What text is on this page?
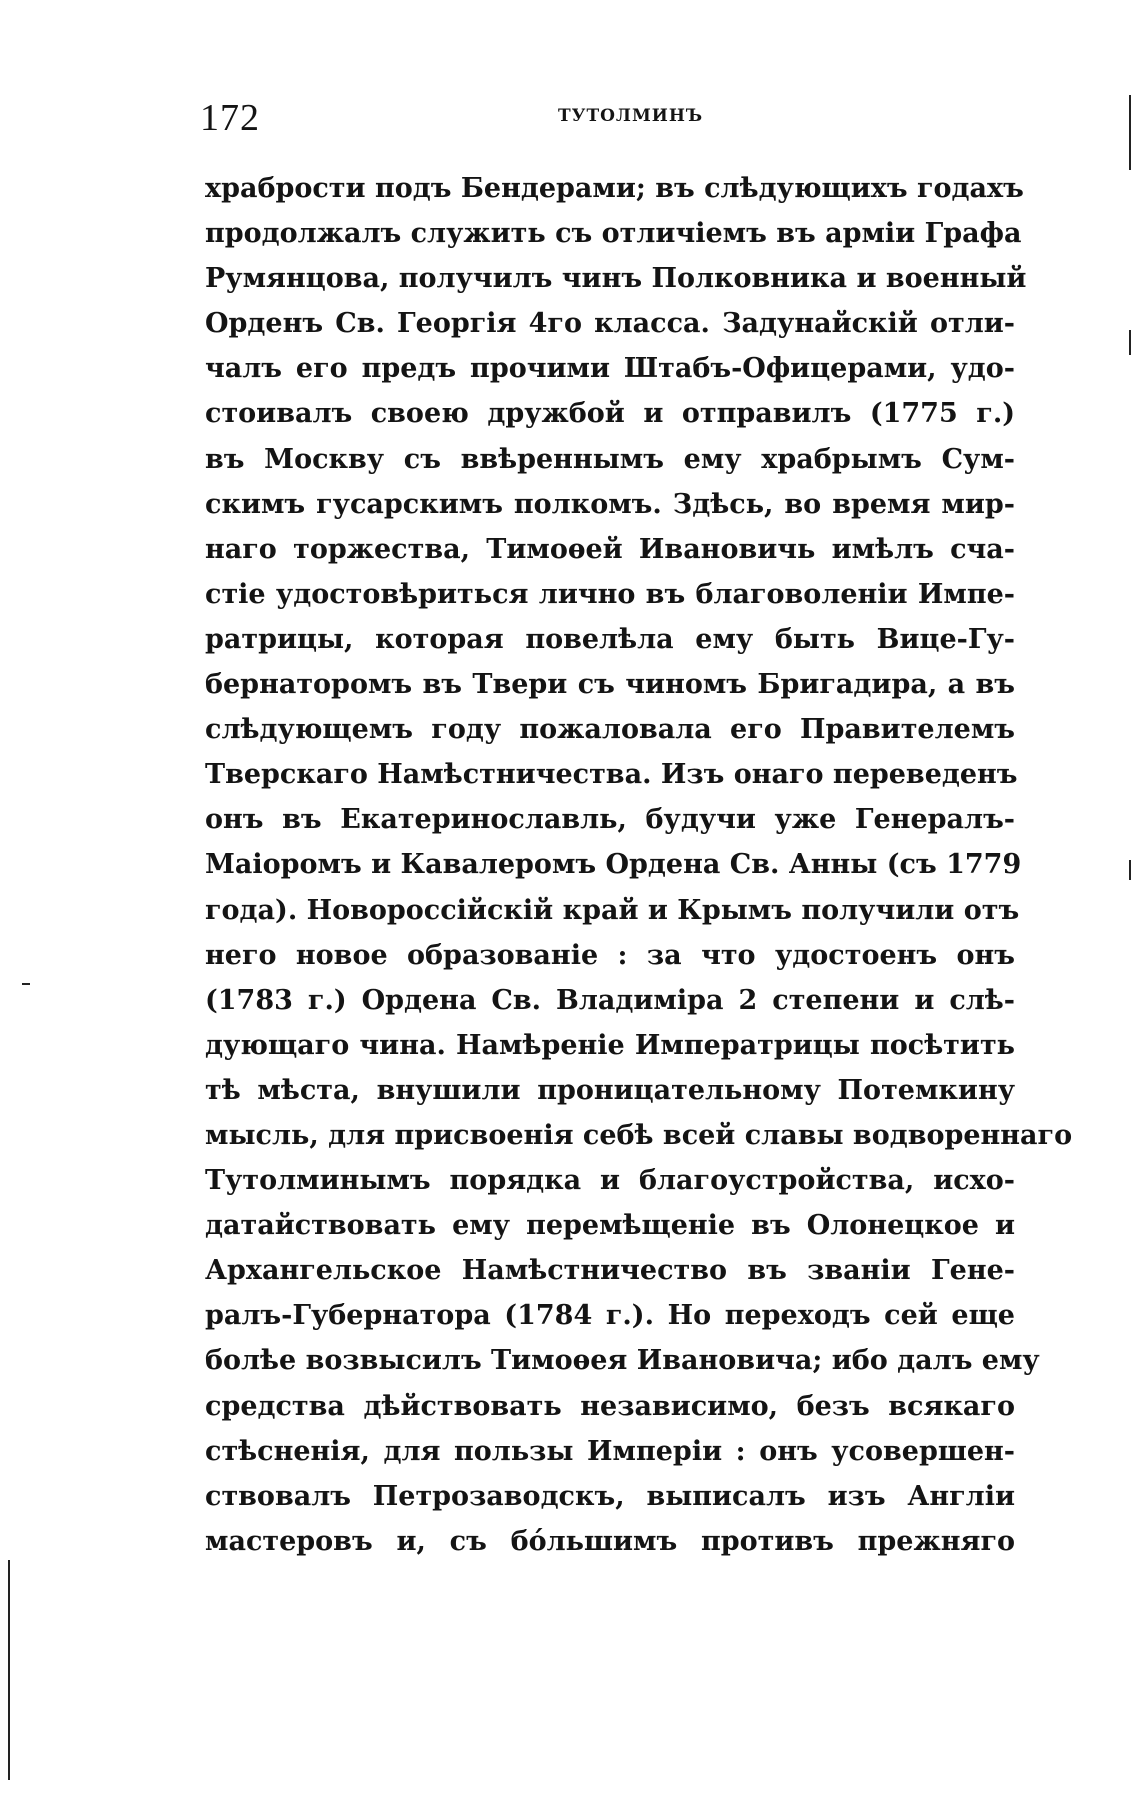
172	ТУТОЛМИНЪ
храбрости подъ Бендерами; въ слѣдующихъ годахъ
продолжалъ служить съ отличіемъ въ арміи Графа
Румянцова, получилъ чинъ Полковника и военный
Орденъ Св. Георгія 4го класса. Задунайскій отли-
чалъ его предъ прочими Штабъ-Офицерами, удо-
стоивалъ своею дружбой и отправилъ (1775 г.)
въ Москву съ ввѣреннымъ ему храбрымъ Сум-
скимъ гусарскимъ полкомъ. Здѣсь, во время мир-
наго торжества, Тимоѳей Ивановичь имѣлъ сча-
стіе удостовѣриться лично въ благоволеніи Импе-
ратрицы, которая повелѣла ему быть Вице-Гу-
бернаторомъ въ Твери съ чиномъ Бригадира, а въ
слѣдующемъ году пожаловала его Правителемъ
Тверскаго Намѣстничества. Изъ онаго переведенъ
онъ въ Екатеринославль, будучи уже Генералъ-
Маіоромъ и Кавалеромъ Ордена Св. Анны (съ 1779
года). Новороссійскій край и Крымъ получили отъ
него новое образованіе : за что удостоенъ онъ
(1783 г.) Ордена Св. Владиміра 2 степени и слѣ-
дующаго чина. Намѣреніе Императрицы посѣтить
тѣ мѣста, внушили проницательному Потемкину
мысль, для присвоенія себѣ всей славы водвореннаго
Тутолминымъ порядка и благоустройства, исхо-
датайствовать ему перемѣщеніе въ Олонецкое и
Архангельское Намѣстничество въ званіи Гене-
ралъ-Губернатора (1784 г.). Но переходъ сей еще
болѣе возвысилъ Тимоѳея Ивановича; ибо далъ ему
средства дѣйствовать независимо, безъ всякаго
стѣсненія, для пользы Имперіи : онъ усовершен-
ствовалъ Петрозаводскъ, выписалъ изъ Англіи
мастеровъ и, съ бо́льшимъ противъ прежняго
